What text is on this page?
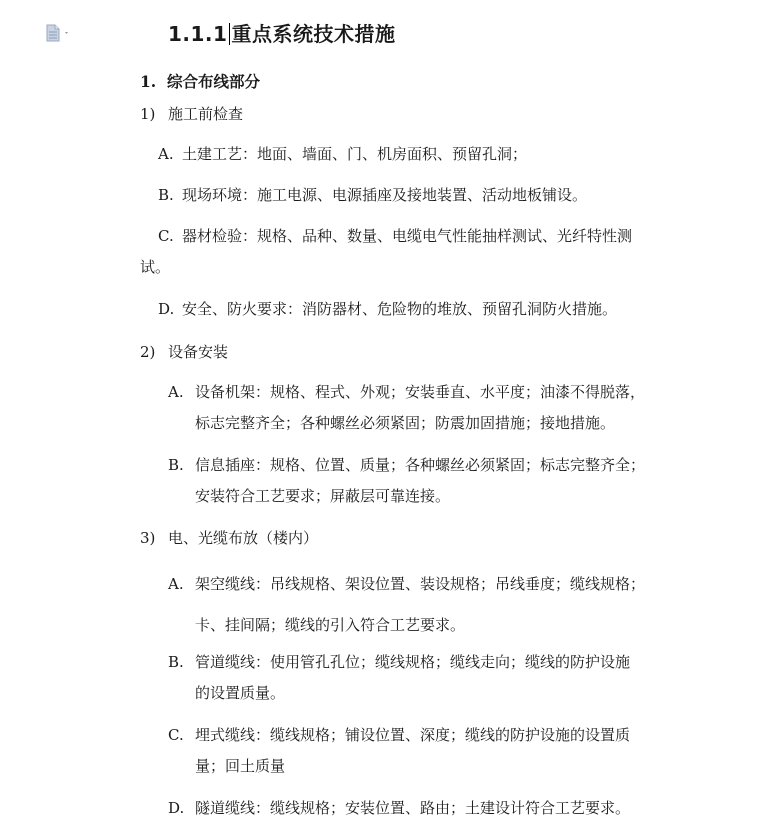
1.1.1 重点系统技术措施
1. 综合布线部分
1) 施工前检查
A. 土建工艺：地面、墙面、门、机房面积、预留孔洞；
B. 现场环境：施工电源、电源插座及接地装置、活动地板铺设。
C. 器材检验：规格、品种、数量、电缆电气性能抽样测试、光纤特性测
试。
D. 安全、防火要求：消防器材、危险物的堆放、预留孔洞防火措施。
2) 设备安装
A. 设备机架：规格、程式、外观；安装垂直、水平度；油漆不得脱落，
标志完整齐全；各种螺丝必须紧固；防震加固措施；接地措施。
B. 信息插座：规格、位置、质量；各种螺丝必须紧固；标志完整齐全；
安装符合工艺要求；屏蔽层可靠连接。
3) 电、光缆布放（楼内）
A. 架空缆线：吊线规格、架设位置、装设规格；吊线垂度；缆线规格；
卡、挂间隔；缆线的引入符合工艺要求。
B. 管道缆线：使用管孔孔位；缆线规格；缆线走向；缆线的防护设施
的设置质量。
C. 埋式缆线：缆线规格；铺设位置、深度；缆线的防护设施的设置质
量；回土质量
D. 隧道缆线：缆线规格；安装位置、路由；土建设计符合工艺要求。
